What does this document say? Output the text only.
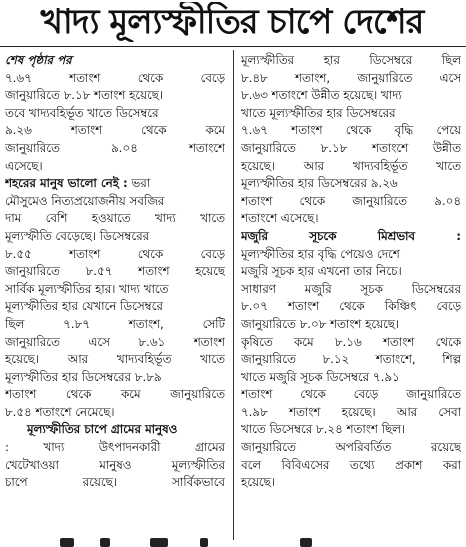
খাদ্য মূল্যস্ফীতির চাপে দেশের
শেষ পৃষ্ঠার পর
৭.৬৭ শতাংশ থেকে বেড়ে
জানুয়ারিতে ৮.১৮ শতাংশ হয়েছে।
তবে খাদ্যবহির্ভূত খাতে ডিসেম্বরে
৯.২৬ শতাংশ থেকে কমে
জানুয়ারিতে ৯.০৪ শতাংশে
এসেছে।
শহরের মানুষ ভালো নেই : ভরা
মৌসুমেও নিত্যপ্রয়োজনীয় সবজির
দাম বেশি হওয়াতে খাদ্য খাতে
মূল্যস্ফীতি বেড়েছে। ডিসেম্বরের
৮.৫৫ শতাংশ থেকে বেড়ে
জানুয়ারিতে ৮.৫৭ শতাংশ হয়েছে
সার্বিক মূল্যস্ফীতির হার। খাদ্য খাতে
মূল্যস্ফীতির হার যেখানে ডিসেম্বরে
ছিল ৭.৮৭ শতাংশ, সেটি
জানুয়ারিতে এসে ৮.৬১ শতাংশ
হয়েছে। আর খাদ্যবহির্ভূত খাতে
মূল্যস্ফীতির হার ডিসেম্বরের ৮.৮৯
শতাংশ থেকে কমে জানুয়ারিতে
৮.৫৪ শতাংশে নেমেছে।
মূল্যস্ফীতির চাপে গ্রামের মানুষও
: খাদ্য উৎপাদনকারী গ্রামের
খেটেখাওয়া মানুষও মূল্যস্ফীতির
চাপে রয়েছে। সার্বিকভাবে
মূল্যস্ফীতির হার ডিসেম্বরে ছিল
৮.৪৮ শতাংশ, জানুয়ারিতে এসে
৮.৬৩ শতাংশে উন্নীত হয়েছে। খাদ্য
খাতে মূল্যস্ফীতির হার ডিসেম্বরের
৭.৬৭ শতাংশ থেকে বৃদ্ধি পেয়ে
জানুয়ারিতে ৮.১৮ শতাংশে উন্নীত
হয়েছে। আর খাদ্যবহির্ভূত খাতে
মূল্যস্ফীতির হার ডিসেম্বরের ৯.২৬
শতাংশ থেকে জানুয়ারিতে ৯.০৪
শতাংশে এসেছে।
মজুরি সূচকে মিশ্রভাব :
মূল্যস্ফীতির হার বৃদ্ধি পেয়েও দেশে
মজুরি সূচক হার এখনো তার নিচে।
সাধারণ মজুরি সূচক ডিসেম্বরের
৮.০৭ শতাংশ থেকে কিঞ্চিৎ বেড়ে
জানুয়ারিতে ৮.০৮ শতাংশ হয়েছে।
কৃষিতে কমে ৮.১৬ শতাংশ থেকে
জানুয়ারিতে ৮.১২ শতাংশে, শিল্প
খাতে মজুরি সূচক ডিসেম্বরে ৭.৯১
শতাংশ থেকে বেড়ে জানুয়ারিতে
৭.৯৮ শতাংশ হয়েছে। আর সেবা
খাতে ডিসেম্বরে ৮.২৪ শতাংশ ছিল।
জানুয়ারিতে অপরিবর্তিত রয়েছে
বলে বিবিএসের তথ্যে প্রকাশ করা
হয়েছে।
